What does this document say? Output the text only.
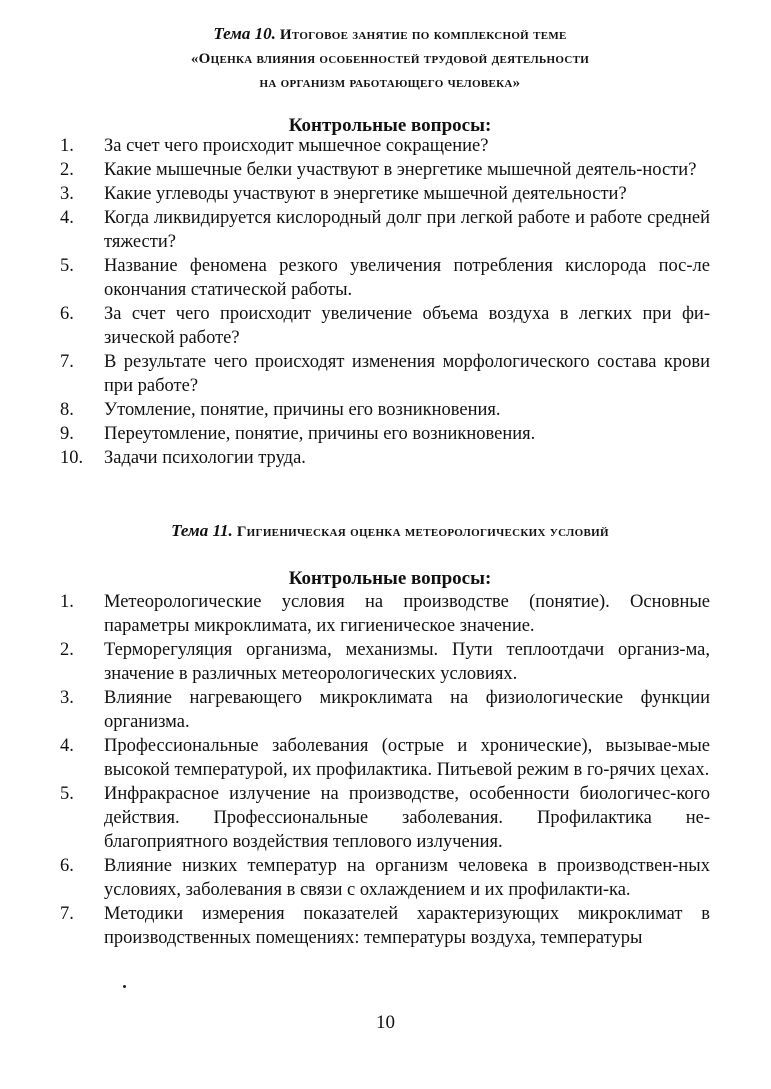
Тема 10. Итоговое занятие по комплексной теме
«Оценка влияния особенностей трудовой деятельности
на организм работающего человека»
Контрольные вопросы:
1.	За счет чего происходит мышечное сокращение?
2.	Какие мышечные белки участвуют в энергетике мышечной деятель-ности?
3.	Какие углеводы участвуют в энергетике мышечной деятельности?
4.	Когда ликвидируется кислородный долг при легкой работе и работе средней тяжести?
5.	Название феномена резкого увеличения потребления кислорода пос-ле окончания статической работы.
6.	За счет чего происходит увеличение объема воздуха в легких при фи-зической работе?
7.	В результате чего происходят изменения морфологического состава крови при работе?
8.	Утомление, понятие, причины его возникновения.
9.	Переутомление, понятие, причины его возникновения.
10.	Задачи психологии труда.
Тема 11. Гигиеническая оценка метеорологических условий
Контрольные вопросы:
1.	Метеорологические условия на производстве (понятие). Основные параметры микроклимата, их гигиеническое значение.
2.	Терморегуляция организма, механизмы. Пути теплоотдачи организ-ма, значение в различных метеорологических условиях.
3.	Влияние нагревающего микроклимата на физиологические функции организма.
4.	Профессиональные заболевания (острые и хронические), вызывае-мые высокой температурой, их профилактика. Питьевой режим в го-рячих цехах.
5.	Инфракрасное излучение на производстве, особенности биологичес-кого действия. Профессиональные заболевания. Профилактика не-благоприятного воздействия теплового излучения.
6.	Влияние низких температур на организм человека в производствен-ных условиях, заболевания в связи с охлаждением и их профилакти-ка.
7.	Методики измерения показателей характеризующих микроклимат в производственных помещениях: температуры воздуха, температуры
10
